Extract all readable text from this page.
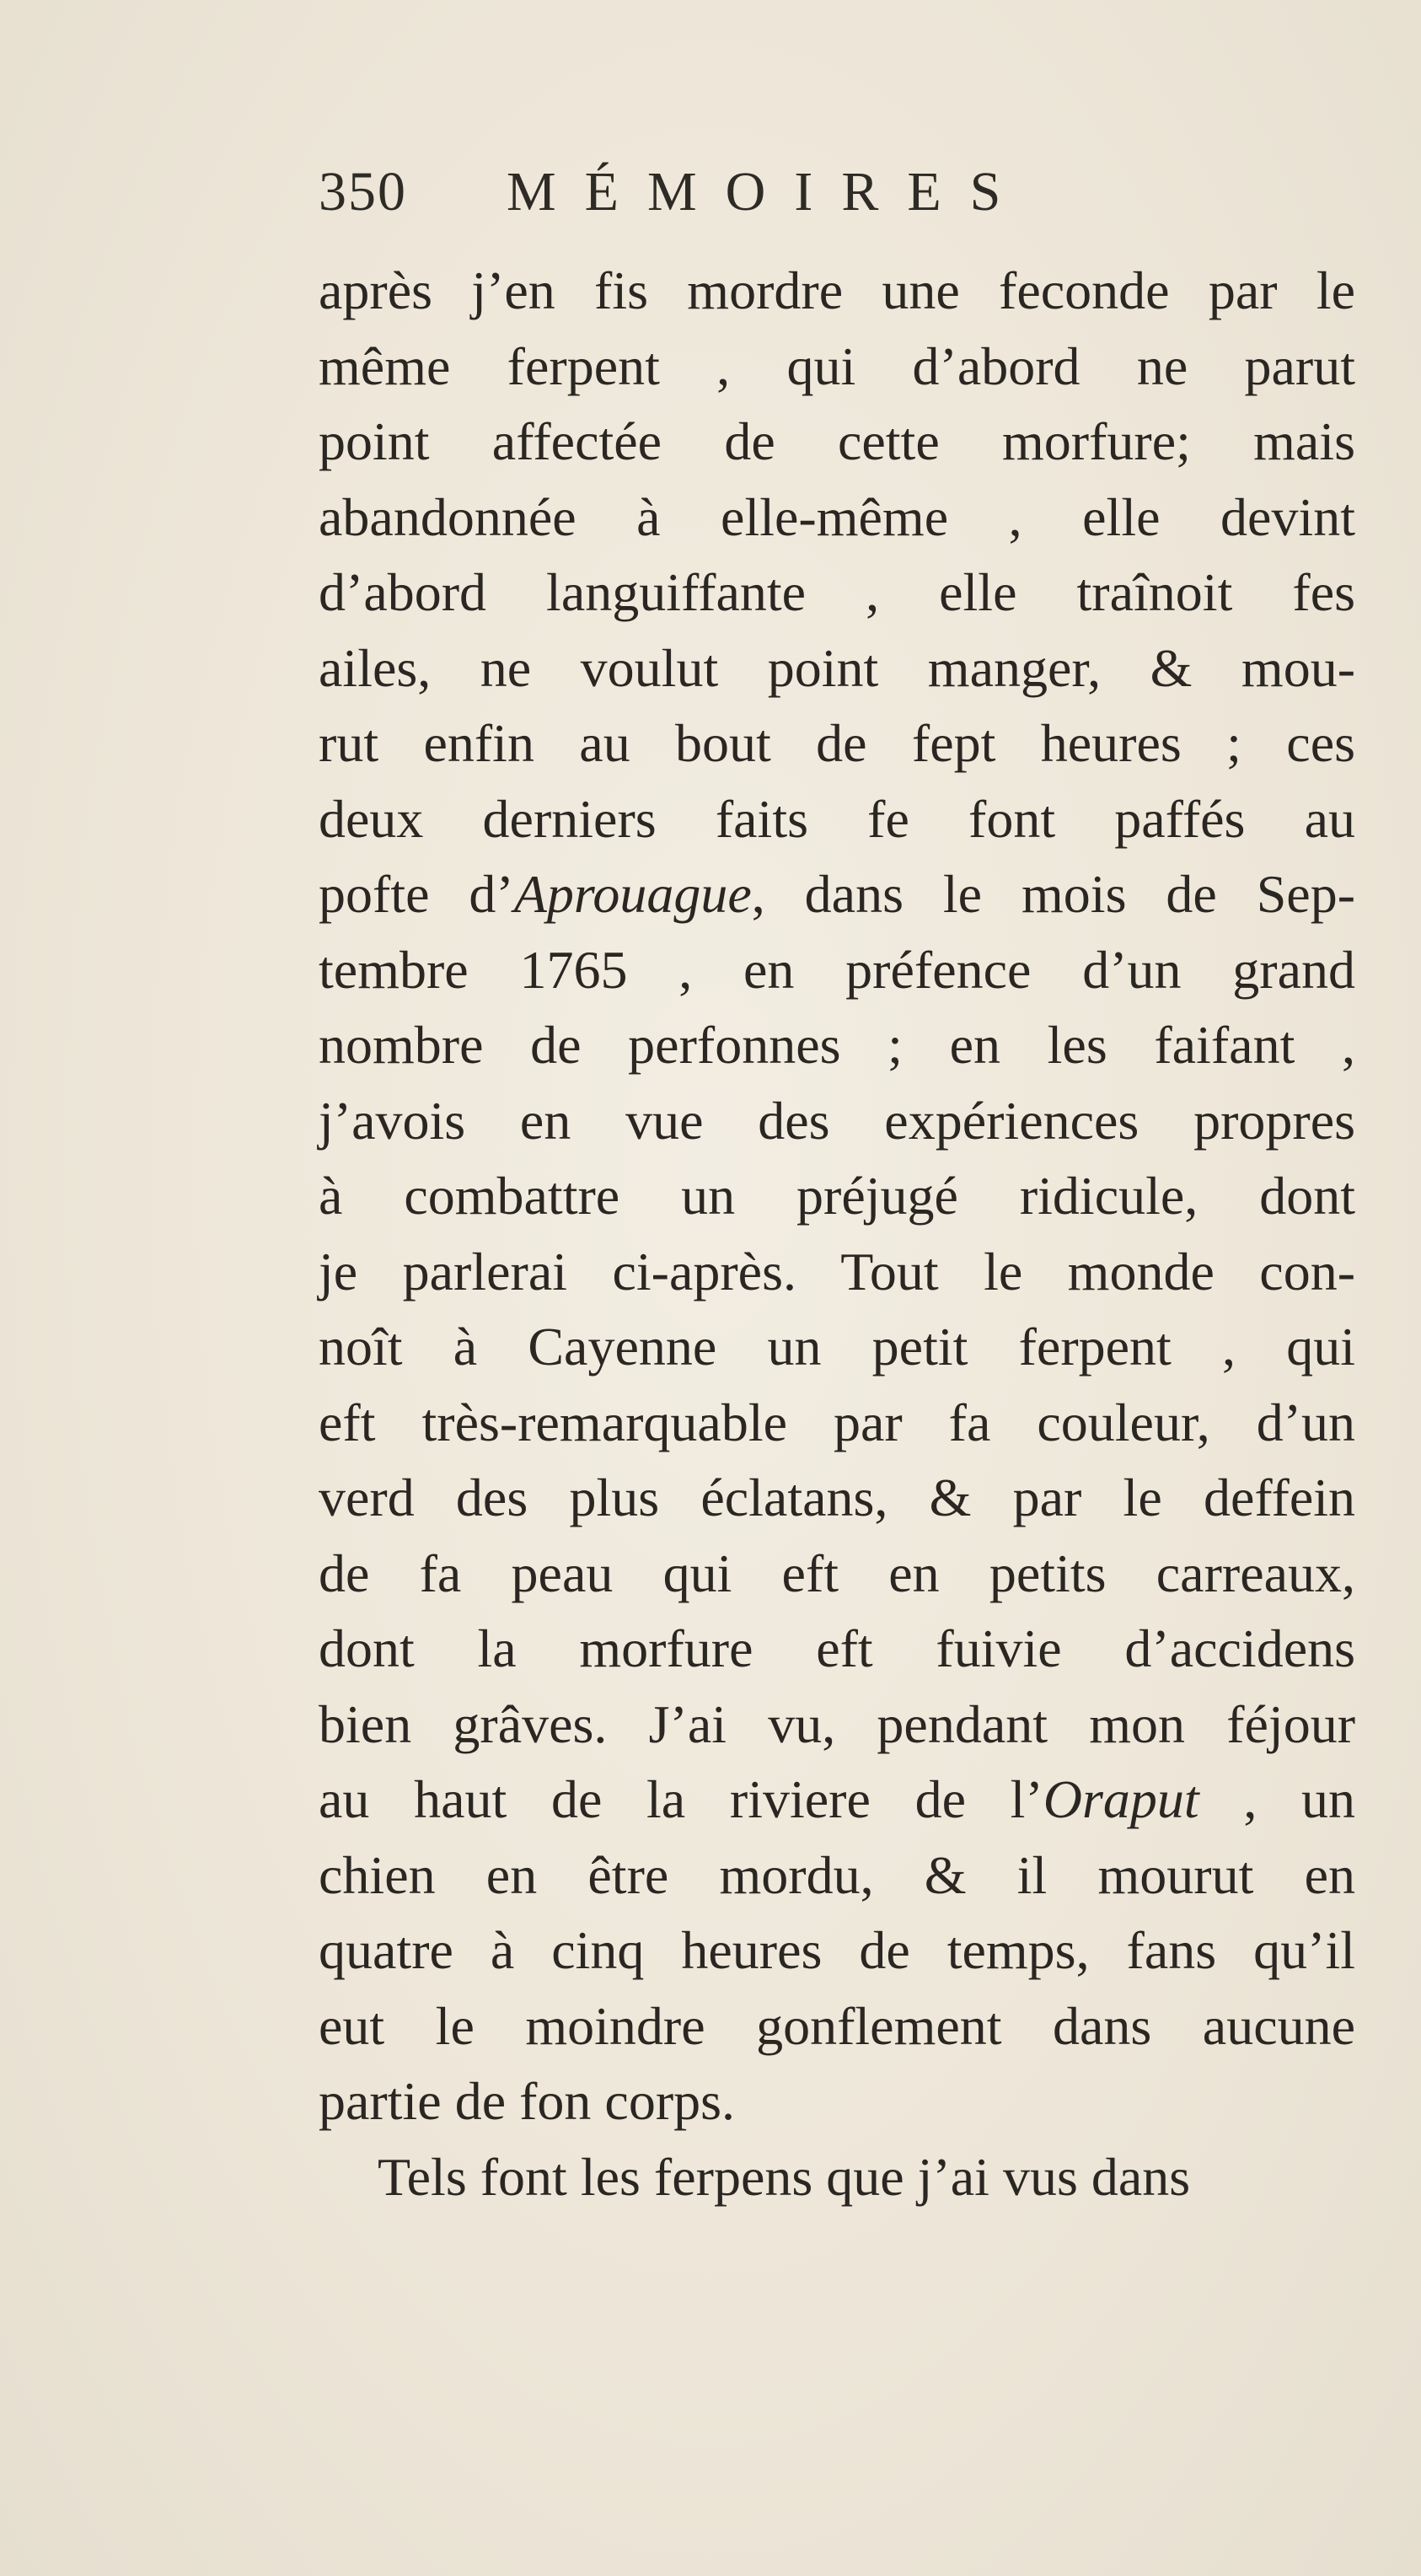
350 MÉMOIRES
après j’en fis mordre une feconde par le
même ferpent , qui d’abord ne parut
point affectée de cette morfure; mais
abandonnée à elle-même , elle devint
d’abord languiffante , elle traînoit fes
ailes, ne voulut point manger, & mou-
rut enfin au bout de fept heures ; ces
deux derniers faits fe font paffés au
pofte d’Aprouague, dans le mois de Sep-
tembre 1765 , en préfence d’un grand
nombre de perfonnes ; en les faifant ,
j’avois en vue des expériences propres
à combattre un préjugé ridicule, dont
je parlerai ci-après. Tout le monde con-
noît à Cayenne un petit ferpent , qui
eft très-remarquable par fa couleur, d’un
verd des plus éclatans, & par le deffein
de fa peau qui eft en petits carreaux,
dont la morfure eft fuivie d’accidens
bien grâves. J’ai vu, pendant mon féjour
au haut de la riviere de l’Oraput , un
chien en être mordu, & il mourut en
quatre à cinq heures de temps, fans qu’il
eut le moindre gonflement dans aucune
partie de fon corps.
Tels font les ferpens que j’ai vus dans
